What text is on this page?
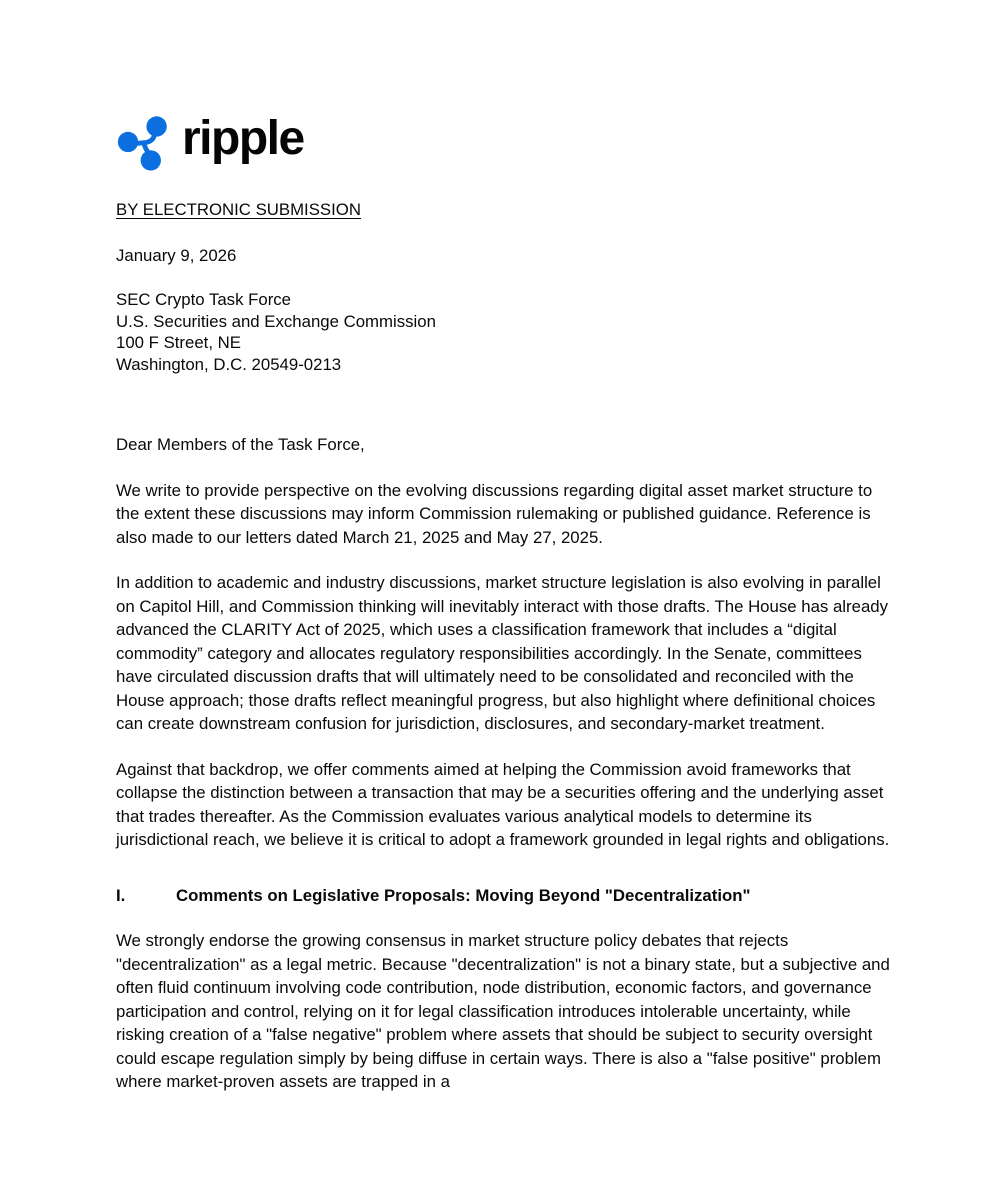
ripple

BY ELECTRONIC SUBMISSION

January 9, 2026

SEC Crypto Task Force

U.S. Securities and Exchange Commission

100 F Street, NE

Washington, D.C. 20549-0213

Dear Members of the Task Force,

We write to provide perspective on the evolving discussions regarding digital asset market structure to the extent these discussions may inform Commission rulemaking or published guidance. Reference is also made to our letters dated March 21, 2025 and May 27, 2025.

In addition to academic and industry discussions, market structure legislation is also evolving in parallel on Capitol Hill, and Commission thinking will inevitably interact with those drafts. The House has already advanced the CLARITY Act of 2025, which uses a classification framework that includes a “digital commodity” category and allocates regulatory responsibilities accordingly. In the Senate, committees have circulated discussion drafts that will ultimately need to be consolidated and reconciled with the House approach; those drafts reflect meaningful progress, but also highlight where definitional choices can create downstream confusion for jurisdiction, disclosures, and secondary-market treatment.

Against that backdrop, we offer comments aimed at helping the Commission avoid frameworks that collapse the distinction between a transaction that may be a securities offering and the underlying asset that trades thereafter. As the Commission evaluates various analytical models to determine its jurisdictional reach, we believe it is critical to adopt a framework grounded in legal rights and obligations.

I.	Comments on Legislative Proposals: Moving Beyond "Decentralization"

We strongly endorse the growing consensus in market structure policy debates that rejects "decentralization" as a legal metric. Because "decentralization" is not a binary state, but a subjective and often fluid continuum involving code contribution, node distribution, economic factors, and governance participation and control, relying on it for legal classification introduces intolerable uncertainty, while risking creation of a "false negative" problem where assets that should be subject to security oversight could escape regulation simply by being diffuse in certain ways. There is also a "false positive" problem where market-proven assets are trapped in a
